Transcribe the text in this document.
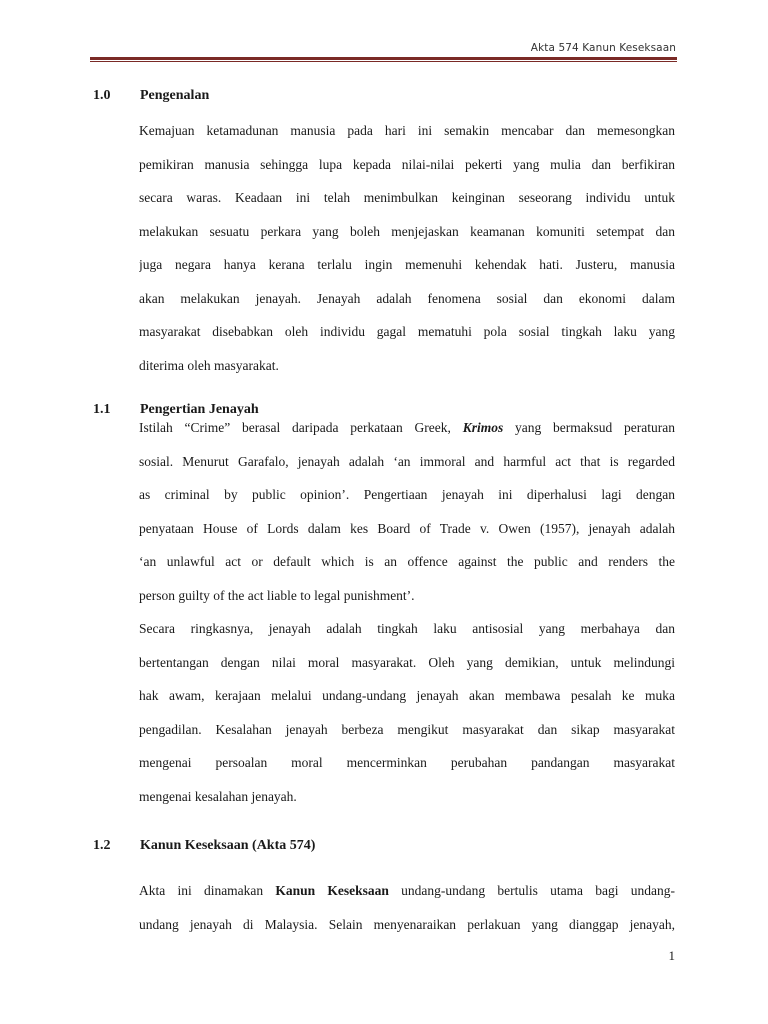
Akta 574 Kanun Keseksaan
1.0 Pengenalan
Kemajuan ketamadunan manusia pada hari ini semakin mencabar dan memesongkan
pemikiran manusia sehingga lupa kepada nilai-nilai pekerti yang mulia dan berfikiran
secara waras. Keadaan ini telah menimbulkan keinginan seseorang individu untuk
melakukan sesuatu perkara yang boleh menjejaskan keamanan komuniti setempat dan
juga negara hanya kerana terlalu ingin memenuhi kehendak hati. Justeru, manusia
akan melakukan jenayah. Jenayah adalah fenomena sosial dan ekonomi dalam
masyarakat disebabkan oleh individu gagal mematuhi pola sosial tingkah laku yang
diterima oleh masyarakat.
1.1 Pengertian Jenayah
Istilah “Crime” berasal daripada perkataan Greek, Krimos yang bermaksud peraturan
sosial. Menurut Garafalo, jenayah adalah ‘an immoral and harmful act that is regarded
as criminal by public opinion’. Pengertiaan jenayah ini diperhalusi lagi dengan
penyataan House of Lords dalam kes Board of Trade v. Owen (1957), jenayah adalah
‘an unlawful act or default which is an offence against the public and renders the
person guilty of the act liable to legal punishment’.
Secara ringkasnya, jenayah adalah tingkah laku antisosial yang merbahaya dan
bertentangan dengan nilai moral masyarakat. Oleh yang demikian, untuk melindungi
hak awam, kerajaan melalui undang-undang jenayah akan membawa pesalah ke muka
pengadilan. Kesalahan jenayah berbeza mengikut masyarakat dan sikap masyarakat
mengenai persoalan moral mencerminkan perubahan pandangan masyarakat
mengenai kesalahan jenayah.
1.2 Kanun Keseksaan (Akta 574)
Akta ini dinamakan Kanun Keseksaan undang-undang bertulis utama bagi undang-
undang jenayah di Malaysia. Selain menyenaraikan perlakuan yang dianggap jenayah,
1
